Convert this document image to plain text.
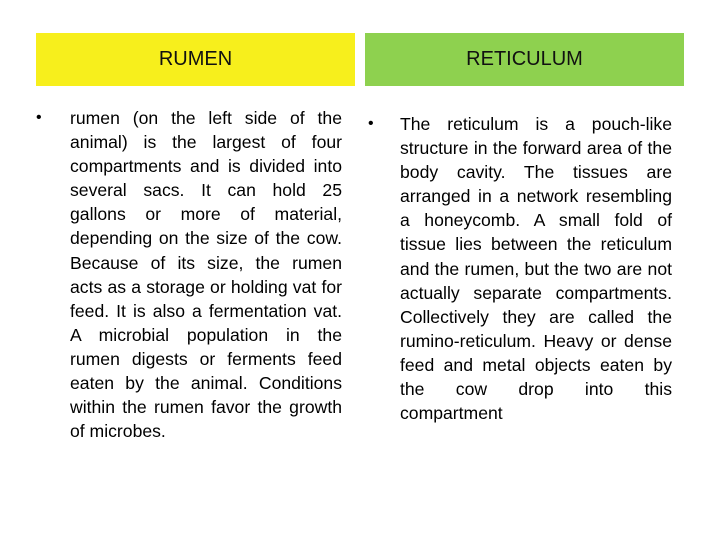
RUMEN	RETICULUM
• rumen (on the left side of the animal) is the largest of four compartments and is divided into several sacs. It can hold 25 gallons or more of material, depending on the size of the cow. Because of its size, the rumen acts as a storage or holding vat for feed. It is also a fermentation vat. A microbial population in the rumen digests or ferments feed eaten by the animal. Conditions within the rumen favor the growth of microbes.
• The reticulum is a pouch-like structure in the forward area of the body cavity. The tissues are arranged in a network resembling a honeycomb. A small fold of tissue lies between the reticulum and the rumen, but the two are not actually separate compartments. Collectively they are called the rumino-reticulum. Heavy or dense feed and metal objects eaten by the cow drop into this compartment
